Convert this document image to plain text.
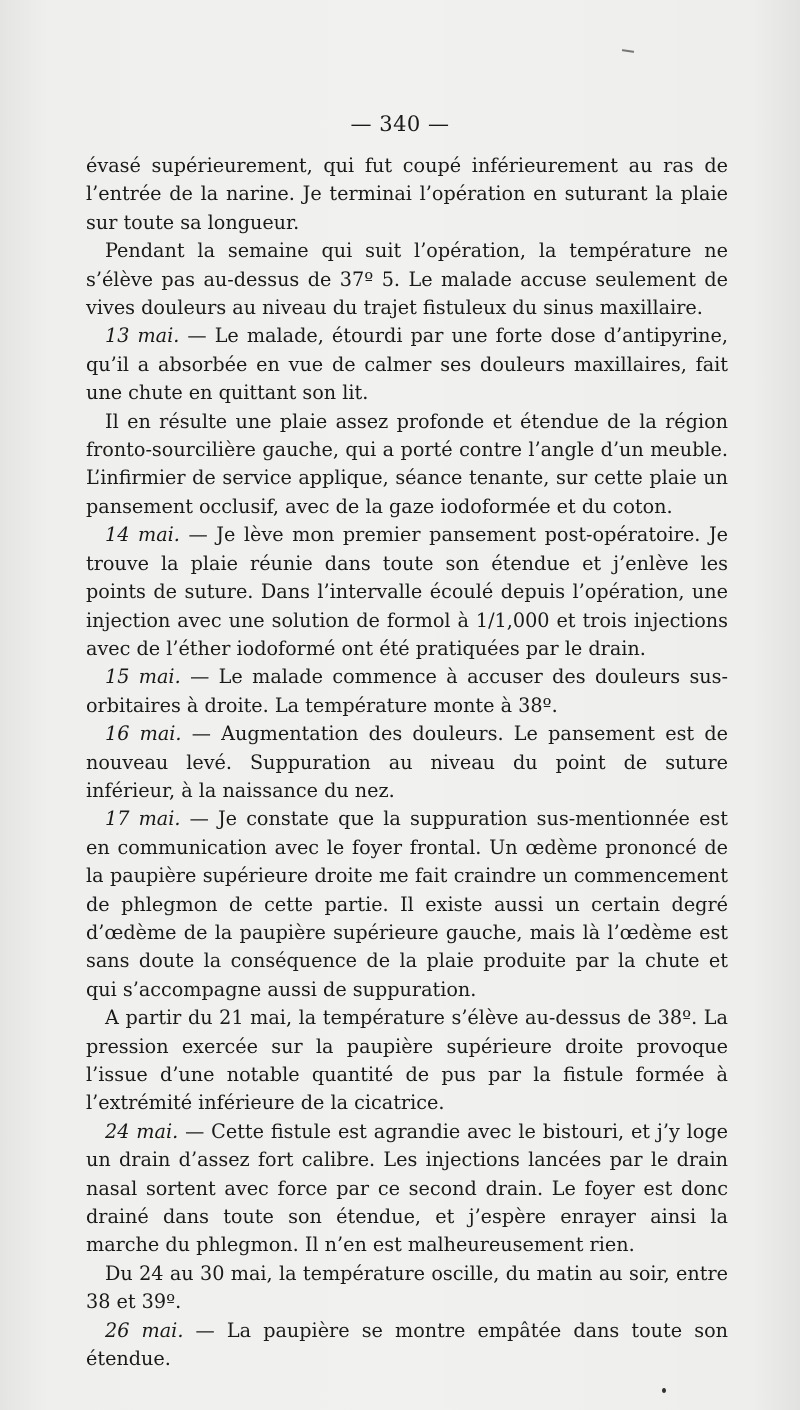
— 340 —

évasé supérieurement, qui fut coupé inférieurement au ras de l’entrée de la narine. Je terminai l’opération en suturant la plaie sur toute sa longueur.

Pendant la semaine qui suit l’opération, la température ne s’élève pas au-dessus de 37º 5. Le malade accuse seulement de vives douleurs au niveau du trajet fistuleux du sinus maxillaire.

13 mai. — Le malade, étourdi par une forte dose d’antipyrine, qu’il a absorbée en vue de calmer ses douleurs maxillaires, fait une chute en quittant son lit.

Il en résulte une plaie assez profonde et étendue de la région fronto-sourcilière gauche, qui a porté contre l’angle d’un meuble. L’infirmier de service applique, séance tenante, sur cette plaie un pansement occlusif, avec de la gaze iodoformée et du coton.

14 mai. — Je lève mon premier pansement post-opératoire. Je trouve la plaie réunie dans toute son étendue et j’enlève les points de suture. Dans l’intervalle écoulé depuis l’opération, une injection avec une solution de formol à 1/1,000 et trois injections avec de l’éther iodoformé ont été pratiquées par le drain.

15 mai. — Le malade commence à accuser des douleurs sus-orbitaires à droite. La température monte à 38º.

16 mai. — Augmentation des douleurs. Le pansement est de nouveau levé. Suppuration au niveau du point de suture inférieur, à la naissance du nez.

17 mai. — Je constate que la suppuration sus-mentionnée est en communication avec le foyer frontal. Un œdème prononcé de la paupière supérieure droite me fait craindre un commencement de phlegmon de cette partie. Il existe aussi un certain degré d’œdème de la paupière supérieure gauche, mais là l’œdème est sans doute la conséquence de la plaie produite par la chute et qui s’accompagne aussi de suppuration.

A partir du 21 mai, la température s’élève au-dessus de 38º. La pression exercée sur la paupière supérieure droite provoque l’issue d’une notable quantité de pus par la fistule formée à l’extrémité inférieure de la cicatrice.

24 mai. — Cette fistule est agrandie avec le bistouri, et j’y loge un drain d’assez fort calibre. Les injections lancées par le drain nasal sortent avec force par ce second drain. Le foyer est donc drainé dans toute son étendue, et j’espère enrayer ainsi la marche du phlegmon. Il n’en est malheureusement rien.

Du 24 au 30 mai, la température oscille, du matin au soir, entre 38 et 39º.

26 mai. — La paupière se montre empâtée dans toute son étendue.
